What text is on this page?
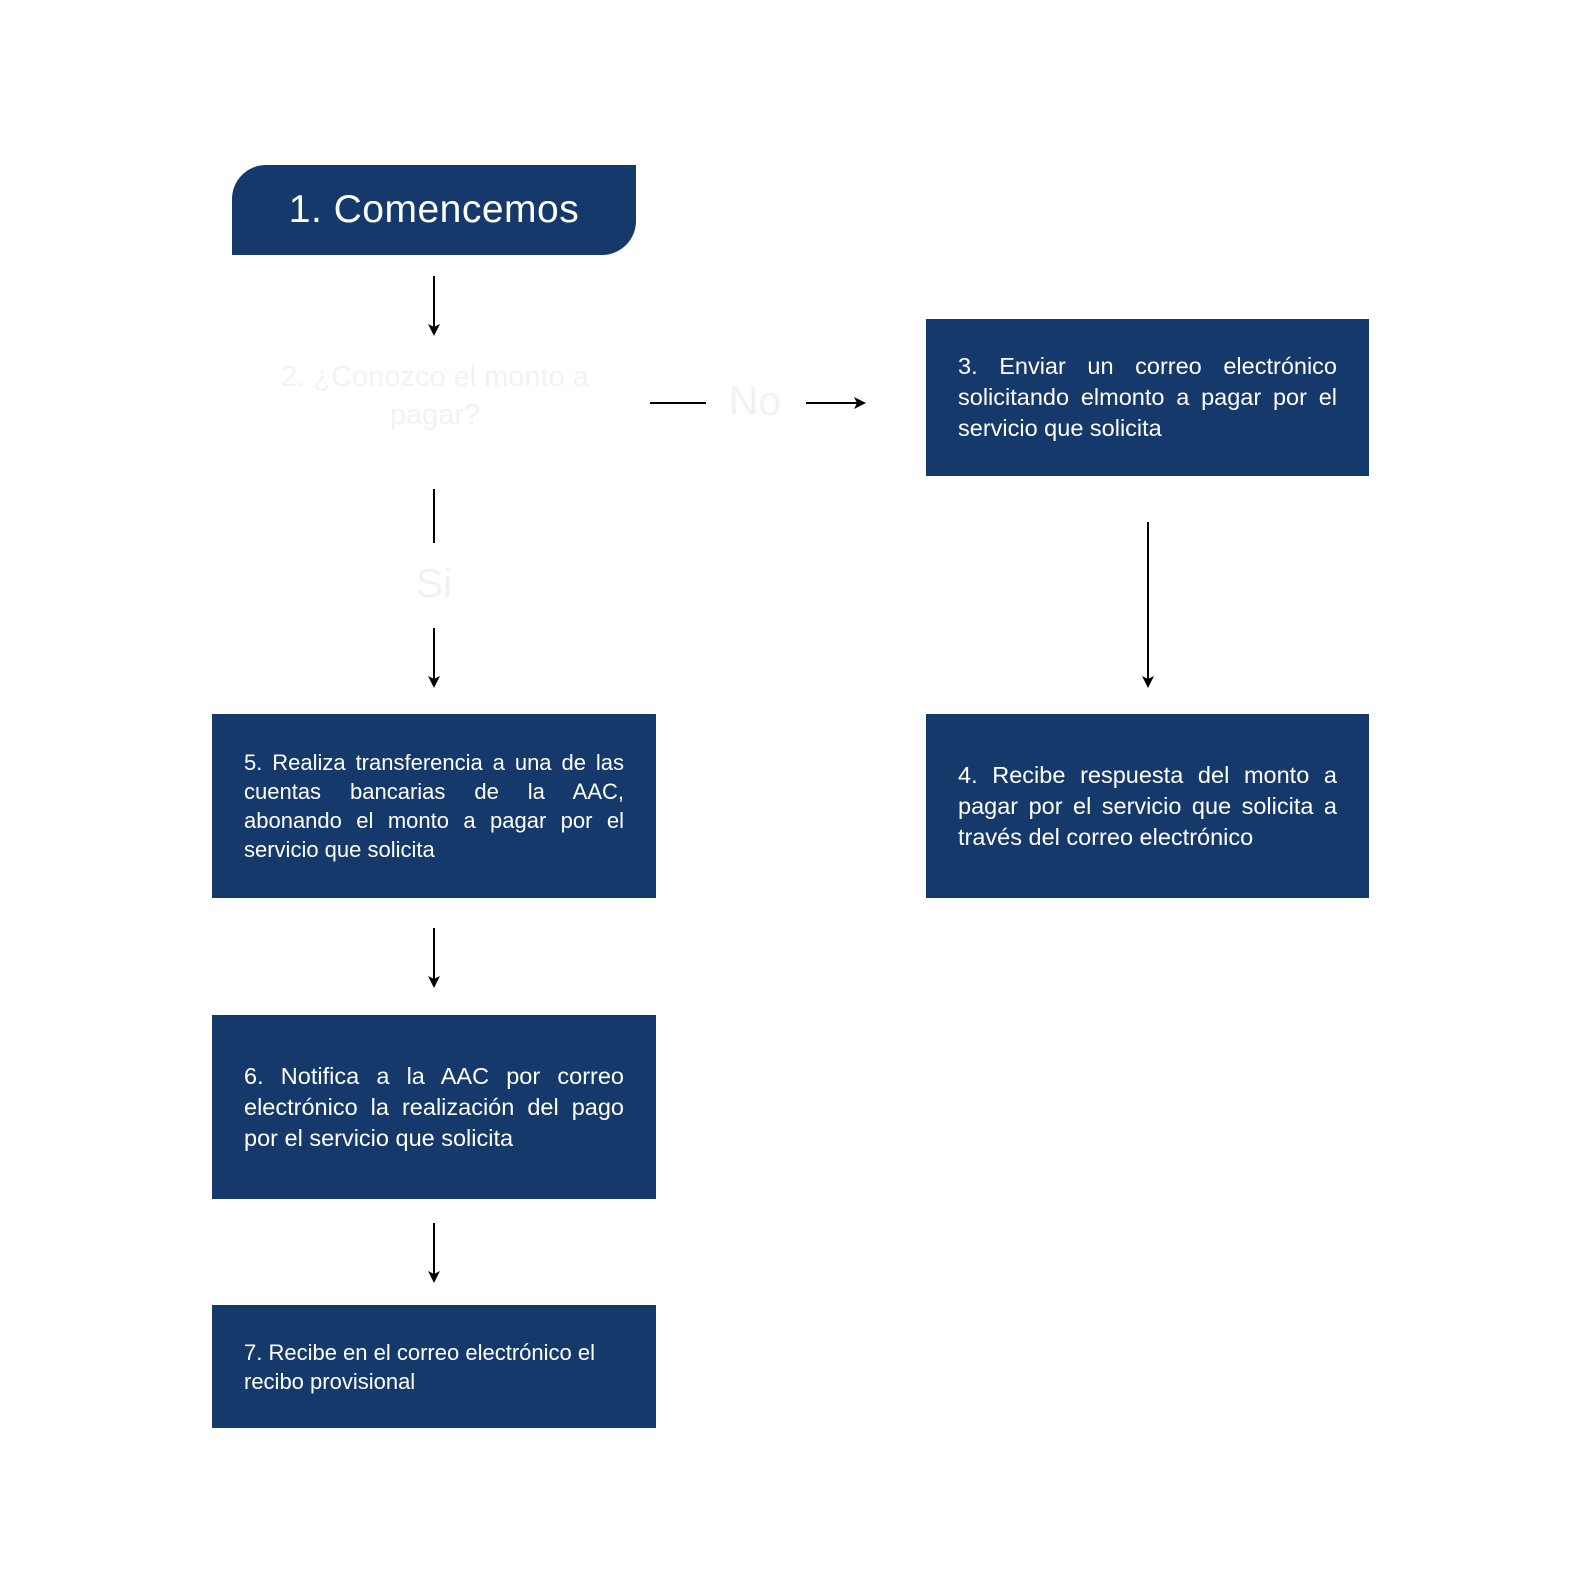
1. Comencemos
2. ¿Conozco el monto a pagar?	No
Si
3. Enviar un correo electrónico solicitando elmonto a pagar por el servicio que solicita
4. Recibe respuesta del monto a pagar por el servicio que solicita a través del correo electrónico
5. Realiza transferencia a una de las cuentas bancarias de la AAC, abonando el monto a pagar por el servicio que solicita
6. Notifica a la AAC por correo electrónico la realización del pago por el servicio que solicita
7. Recibe en el correo electrónico el recibo provisional
